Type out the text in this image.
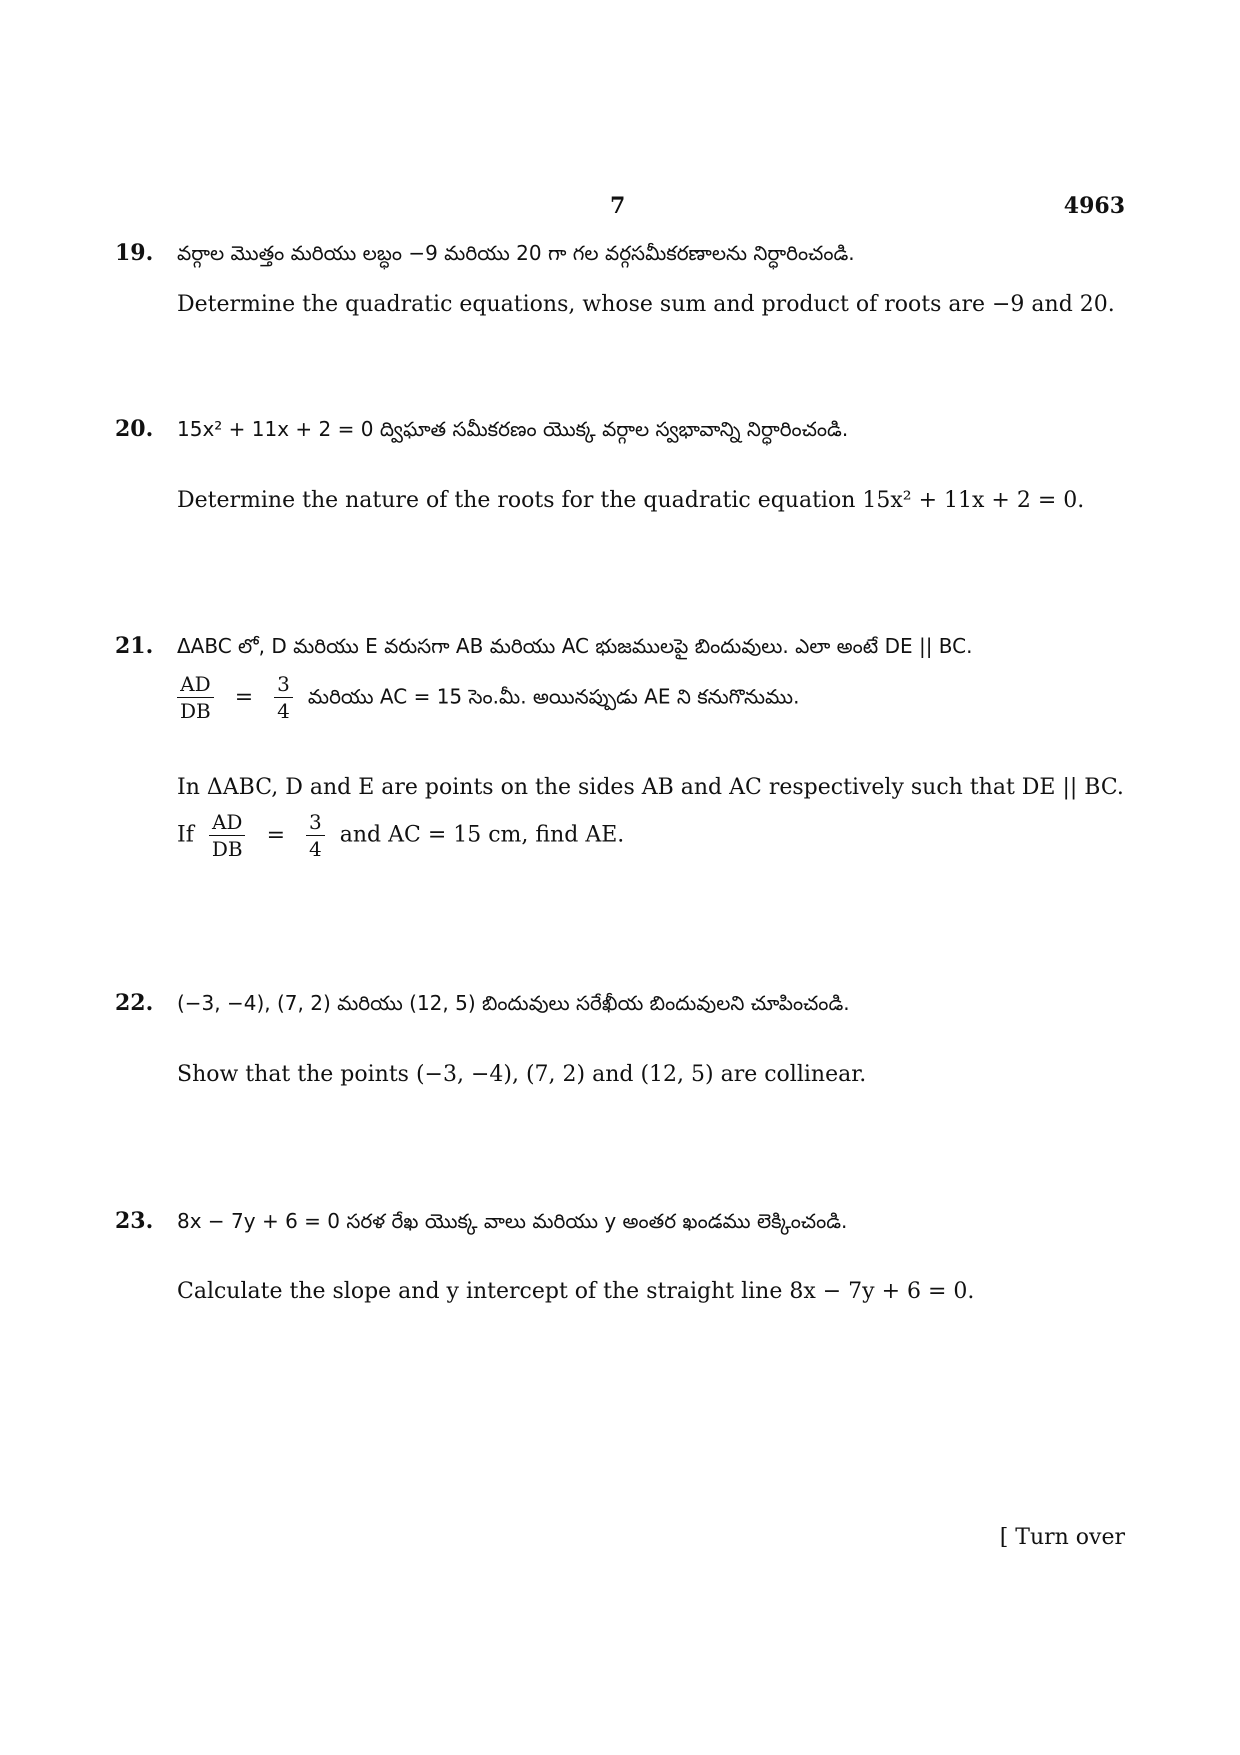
7	4963
19. వర్గాల మొత్తం మరియు లబ్ధం −9 మరియు 20 గా గల వర్గసమీకరణాలను నిర్ధారించండి.
Determine the quadratic equations, whose sum and product of roots are −9 and 20.
20. 15x² + 11x + 2 = 0 ద్విఘాత సమీకరణం యొక్క వర్గాల స్వభావాన్ని నిర్ధారించండి.
Determine the nature of the roots for the quadratic equation 15x² + 11x + 2 = 0.
21. ΔABC లో, D మరియు E వరుసగా AB మరియు AC భుజములపై బిందువులు. ఎలా అంటే DE || BC.
$\frac{AD}{DB} = \frac{3}{4}$ మరియు AC = 15 సెం.మీ. అయినప్పుడు AE ని కనుగొనుము.
In ΔABC, D and E are points on the sides AB and AC respectively such that DE || BC.
If $\frac{AD}{DB} = \frac{3}{4}$ and AC = 15 cm, find AE.
22. (−3, −4), (7, 2) మరియు (12, 5) బిందువులు సరేఖీయ బిందువులని చూపించండి.
Show that the points (−3, −4), (7, 2) and (12, 5) are collinear.
23. 8x − 7y + 6 = 0 సరళ రేఖ యొక్క వాలు మరియు y అంతర ఖండము లెక్కించండి.
Calculate the slope and y intercept of the straight line 8x − 7y + 6 = 0.
[ Turn over
